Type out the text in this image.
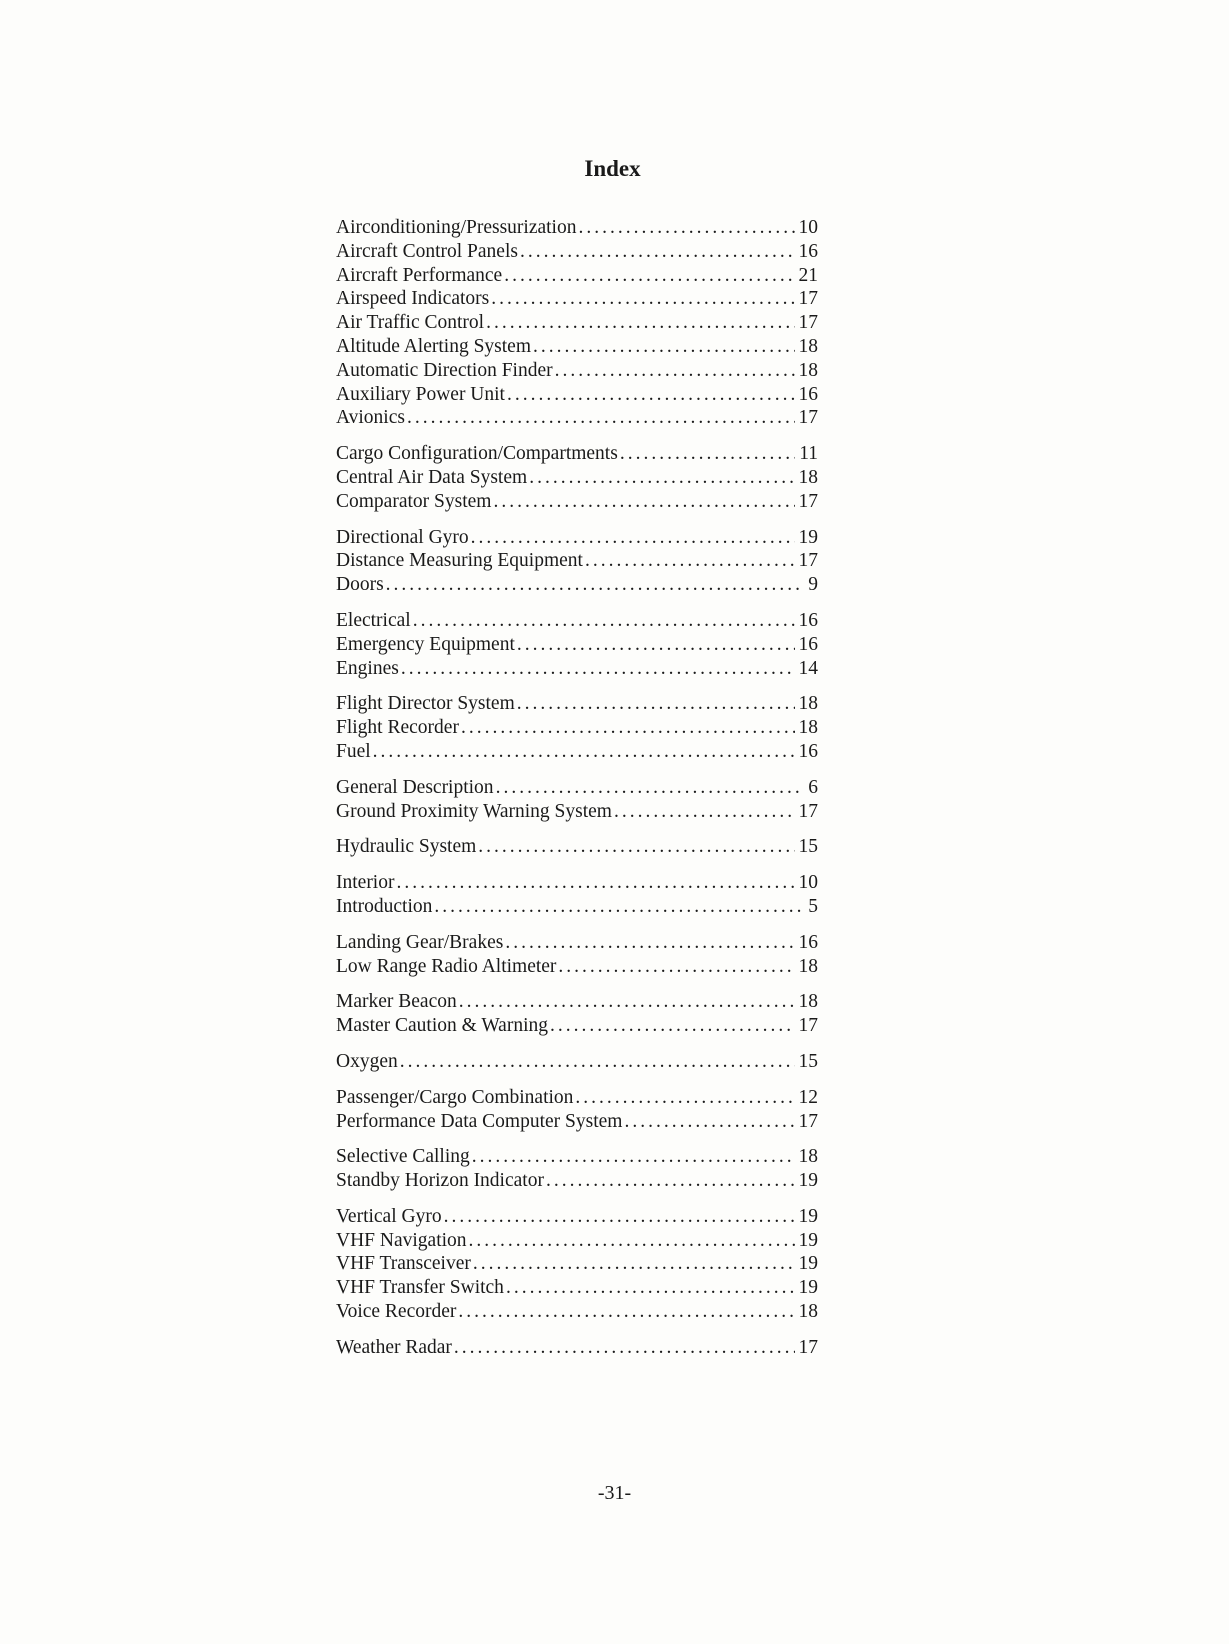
Index
Airconditioning/Pressurization .....	10
Aircraft Control Panels .....	16
Aircraft Performance .....	21
Airspeed Indicators .....	17
Air Traffic Control .....	17
Altitude Alerting System .....	18
Automatic Direction Finder .....	18
Auxiliary Power Unit .....	16
Avionics .....	17
Cargo Configuration/Compartments .....	11
Central Air Data System .....	18
Comparator System .....	17
Directional Gyro .....	19
Distance Measuring Equipment .....	17
Doors .....	9
Electrical .....	16
Emergency Equipment .....	16
Engines .....	14
Flight Director System .....	18
Flight Recorder .....	18
Fuel .....	16
General Description .....	6
Ground Proximity Warning System .....	17
Hydraulic System .....	15
Interior .....	10
Introduction .....	5
Landing Gear/Brakes .....	16
Low Range Radio Altimeter .....	18
Marker Beacon .....	18
Master Caution & Warning .....	17
Oxygen .....	15
Passenger/Cargo Combination .....	12
Performance Data Computer System .....	17
Selective Calling .....	18
Standby Horizon Indicator .....	19
Vertical Gyro .....	19
VHF Navigation .....	19
VHF Transceiver .....	19
VHF Transfer Switch .....	19
Voice Recorder .....	18
Weather Radar .....	17
-31-
